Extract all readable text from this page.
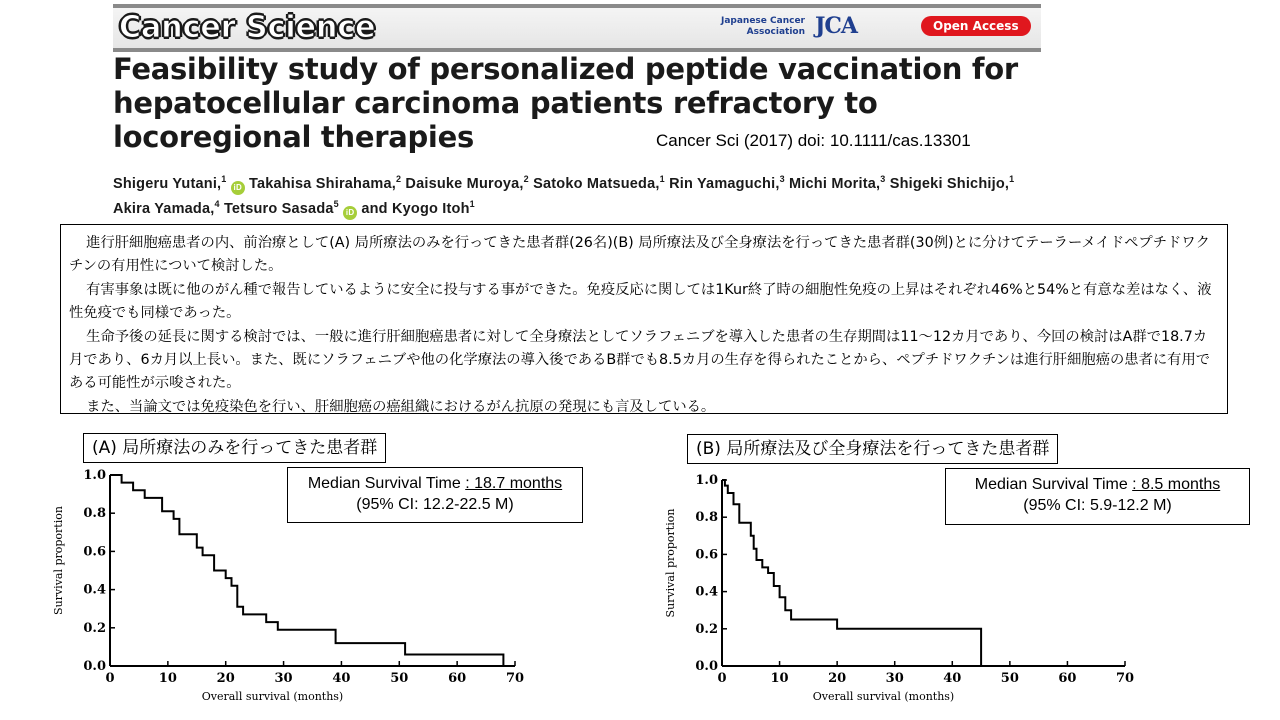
Cancer Science	Japanese Cancer Association JCA	Open Access
Feasibility study of personalized peptide vaccination for hepatocellular carcinoma patients refractory to locoregional therapies	Cancer Sci (2017) doi: 10.1111/cas.13301
Shigeru Yutani,$^1$ iD Takahisa Shirahama,$^2$ Daisuke Muroya,$^2$ Satoko Matsueda,$^1$ Rin Yamaguchi,$^3$ Michi Morita,$^3$ Shigeki Shichijo,$^1$ Akira Yamada,$^4$ Tetsuro Sasada$^5$ iD and Kyogo Itoh$^1$

進行肝細胞癌患者の内、前治療として(A) 局所療法のみを行ってきた患者群(26名)(B) 局所療法及び全身療法を行ってきた患者群(30例)とに分けてテーラーメイドペプチドワクチンの有用性について検討した。

有害事象は既に他のがん種で報告しているように安全に投与する事ができた。免疫反応に関しては1Kur終了時の細胞性免疫の上昇はそれぞれ46%と54%と有意な差はなく、液性免疫でも同様であった。

生命予後の延長に関する検討では、一般に進行肝細胞癌患者に対して全身療法としてソラフェニブを導入した患者の生存期間は11～12カ月であり、今回の検討はA群で18.7カ月であり、6カ月以上長い。また、既にソラフェニブや他の化学療法の導入後であるB群でも8.5カ月の生存を得られたことから、ペプチドワクチンは進行肝細胞癌の患者に有用である可能性が示唆された。

また、当論文では免疫染色を行い、肝細胞癌の癌組織におけるがん抗原の発現にも言及している。

(A) 局所療法のみを行ってきた患者群	(B) 局所療法及び全身療法を行ってきた患者群
0	10	20	30	40	50	60	70
0.0
0.2
0.4
0.6
0.8
1.0
Overall survival (months)
Survival proportion
0	10	20	30	40	50	60	70
0.0
0.2
0.4
0.6
0.8
1.0
Overall survival (months)
Survival proportion
Median Survival Time : 18.7 months
(95% CI: 12.2-22.5 M)
Median Survival Time : 8.5 months
(95% CI: 5.9-12.2 M)
